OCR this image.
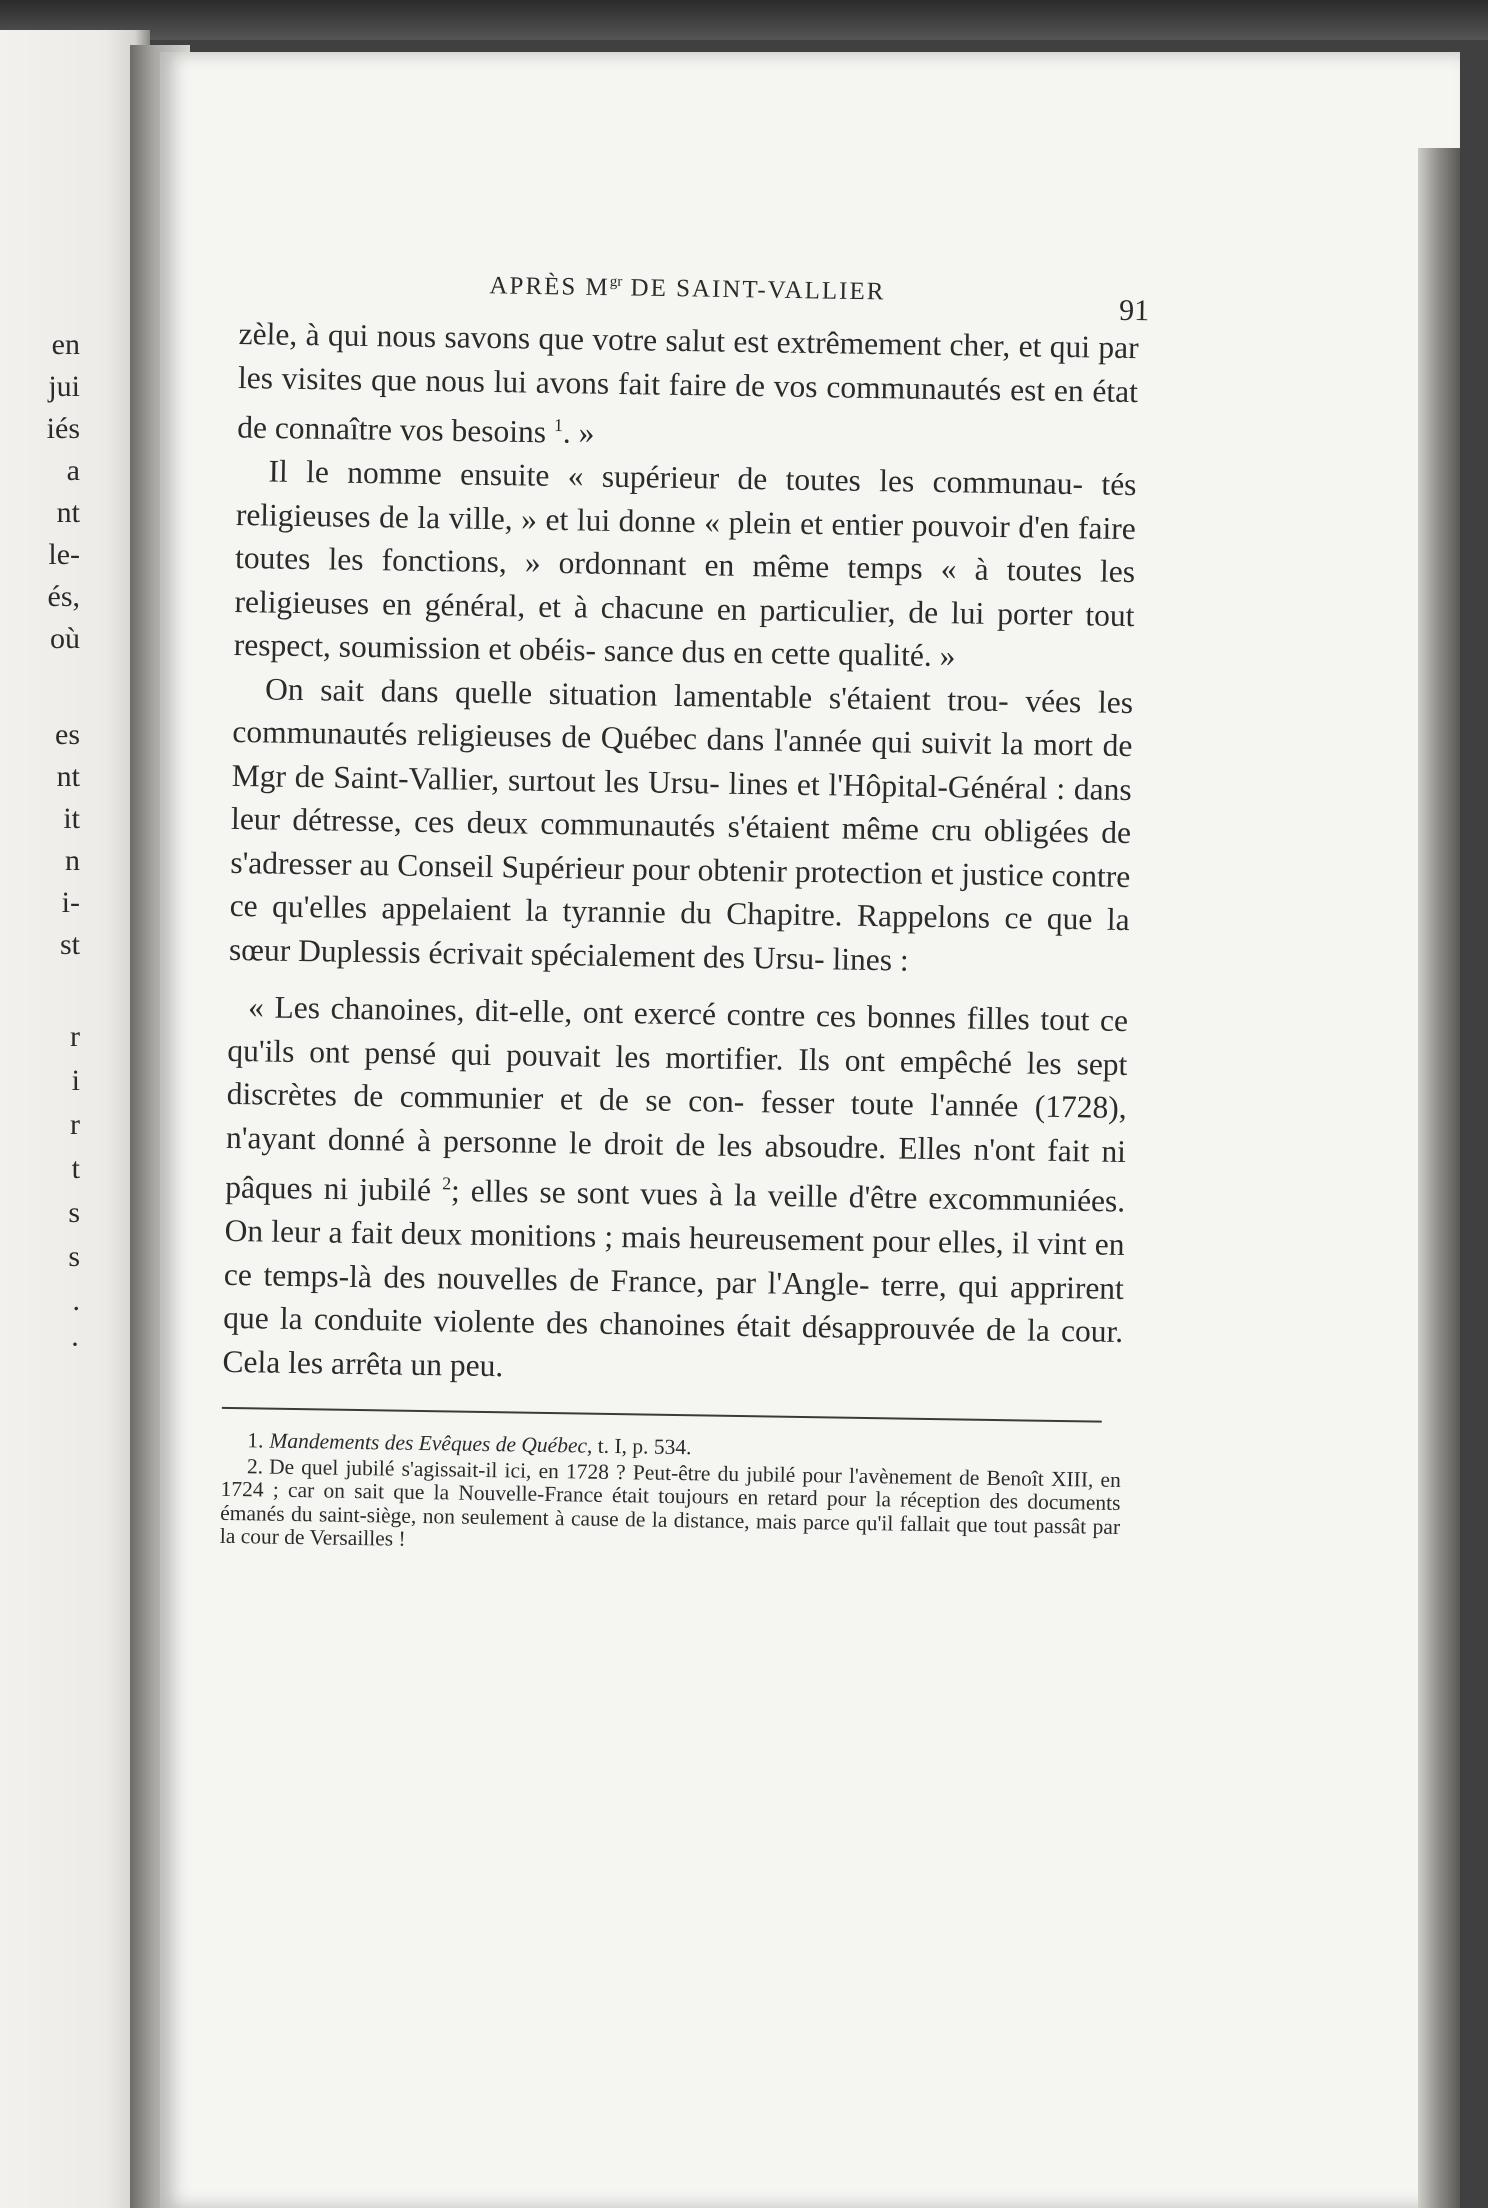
en
jui
iés
a
nt
le-
és,
où
es
nt
it
n
i-
st
r
i
r
t
s
s
.
·
APRÈS $M^{gr}$ DE SAINT-VALLIER
91

zèle, à qui nous savons que votre salut est extrêmement cher, et qui par les visites que nous lui avons fait faire de vos communautés est en état de connaître vos besoins $^1$. »

Il le nomme ensuite « supérieur de toutes les communau- tés religieuses de la ville, » et lui donne « plein et entier pouvoir d'en faire toutes les fonctions, » ordonnant en même temps « à toutes les religieuses en général, et à chacune en particulier, de lui porter tout respect, soumission et obéis- sance dus en cette qualité. »

On sait dans quelle situation lamentable s'étaient trou- vées les communautés religieuses de Québec dans l'année qui suivit la mort de Mgr de Saint-Vallier, surtout les Ursu- lines et l'Hôpital-Général : dans leur détresse, ces deux communautés s'étaient même cru obligées de s'adresser au Conseil Supérieur pour obtenir protection et justice contre ce qu'elles appelaient la tyrannie du Chapitre. Rappelons ce que la sœur Duplessis écrivait spécialement des Ursu- lines :

« Les chanoines, dit-elle, ont exercé contre ces bonnes filles tout ce qu'ils ont pensé qui pouvait les mortifier. Ils ont empêché les sept discrètes de communier et de se con- fesser toute l'année (1728), n'ayant donné à personne le droit de les absoudre. Elles n'ont fait ni pâques ni jubilé $^2$; elles se sont vues à la veille d'être excommuniées. On leur a fait deux monitions ; mais heureusement pour elles, il vint en ce temps-là des nouvelles de France, par l'Angle- terre, qui apprirent que la conduite violente des chanoines était désapprouvée de la cour. Cela les arrêta un peu.

1. Mandements des Evêques de Québec, t. I, p. 534.

2. De quel jubilé s'agissait-il ici, en 1728 ? Peut-être du jubilé pour l'avènement de Benoît XIII, en 1724 ; car on sait que la Nouvelle-France était toujours en retard pour la réception des documents émanés du saint-siège, non seulement à cause de la distance, mais parce qu'il fallait que tout passât par la cour de Versailles !
